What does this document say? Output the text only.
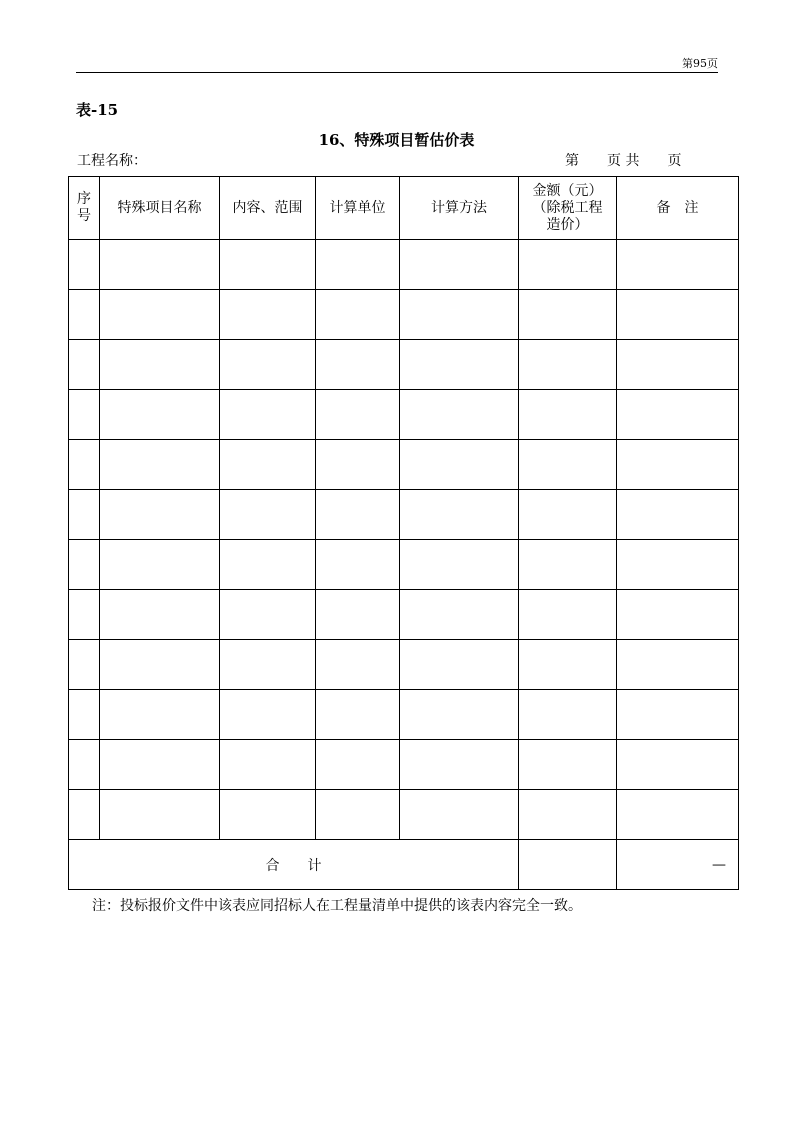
第95页
表-15
16、特殊项目暂估价表
工程名称：	第　　页 共　　页
序号	特殊项目名称	内容、范围	计算单位	计算方法	金额（元）
（除税工程
造价）	备　注

合　　计						—
注：投标报价文件中该表应同招标人在工程量清单中提供的该表内容完全一致。
